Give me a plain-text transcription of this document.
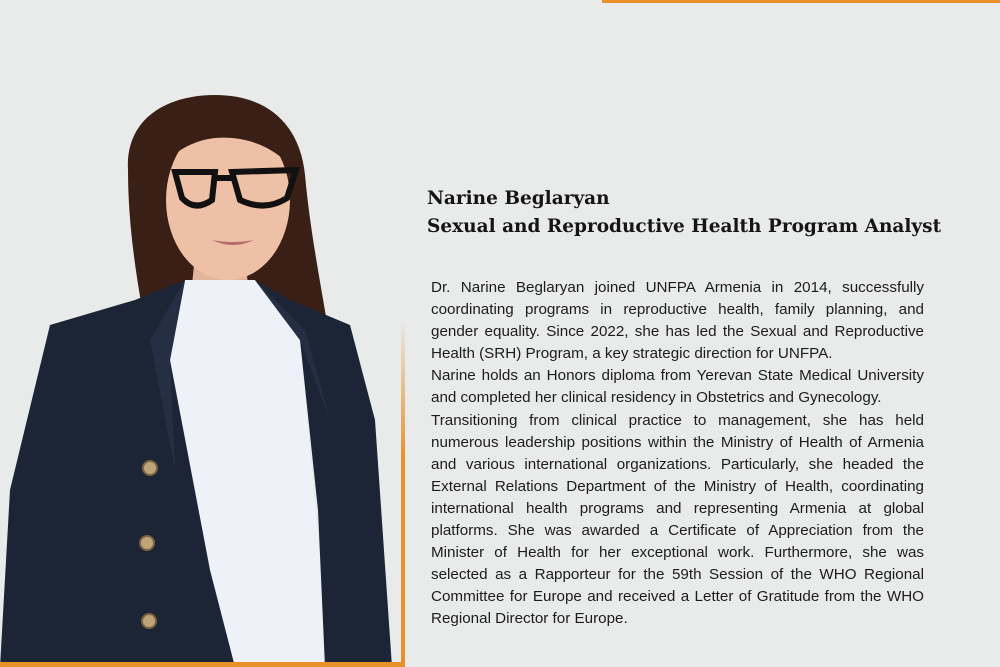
Narine Beglaryan
Sexual and Reproductive Health Program Analyst

Dr. Narine Beglaryan joined UNFPA Armenia in 2014, successfully coordinating programs in reproductive health, family planning, and gender equality. Since 2022, she has led the Sexual and Reproductive Health (SRH) Program, a key strategic direction for UNFPA.

Narine holds an Honors diploma from Yerevan State Medical University and completed her clinical residency in Obstetrics and Gynecology.

Transitioning from clinical practice to management, she has held numerous leadership positions within the Ministry of Health of Armenia and various international organizations. Particularly, she headed the External Relations Department of the Ministry of Health, coordinating international health programs and representing Armenia at global platforms. She was awarded a Certificate of Appreciation from the Minister of Health for her exceptional work. Furthermore, she was selected as a Rapporteur for the 59th Session of the WHO Regional Committee for Europe and received a Letter of Gratitude from the WHO Regional Director for Europe.
